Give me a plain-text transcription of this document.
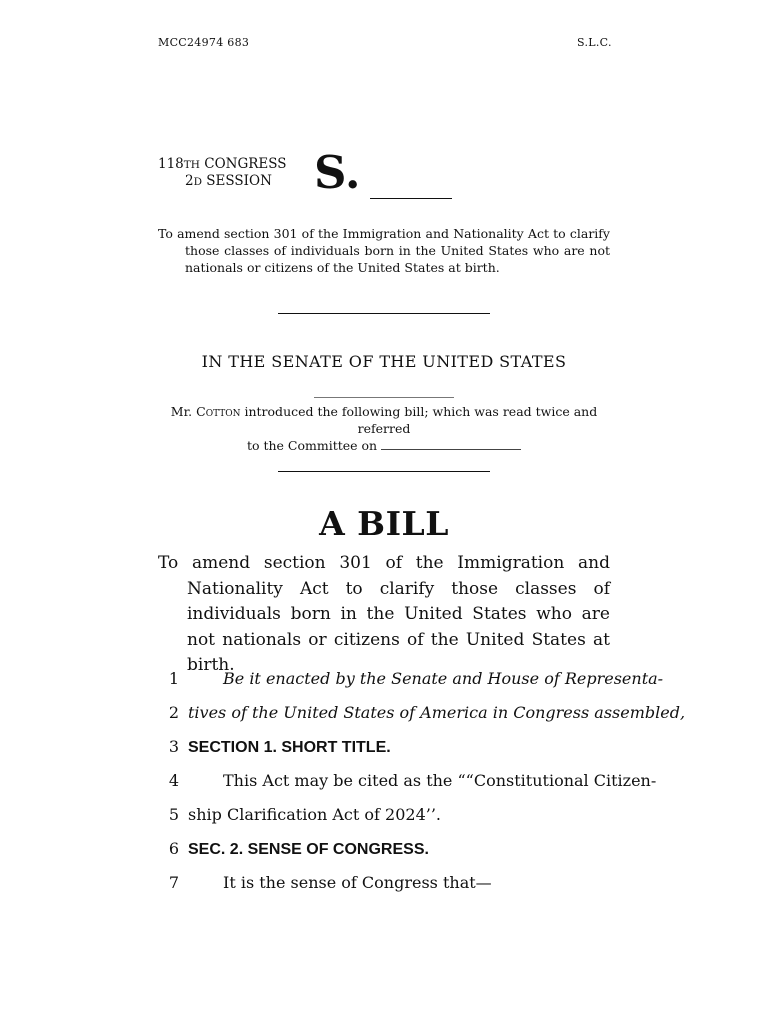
MCC24974 683	S.L.C.
118TH CONGRESS
2D SESSION S.
To amend section 301 of the Immigration and Nationality Act to clarify those classes of individuals born in the United States who are not nationals or citizens of the United States at birth.
IN THE SENATE OF THE UNITED STATES
Mr. Cotton introduced the following bill; which was read twice and referred
to the Committee on
A BILL
To amend section 301 of the Immigration and Nationality Act to clarify those classes of individuals born in the United States who are not nationals or citizens of the United States at birth.
1	Be it enacted by the Senate and House of Representa-
2 tives of the United States of America in Congress assembled,
3 SECTION 1. SHORT TITLE.
4	This Act may be cited as the ““Constitutional Citizen-
5 ship Clarification Act of 2024’’.
6 SEC. 2. SENSE OF CONGRESS.
7	It is the sense of Congress that—
